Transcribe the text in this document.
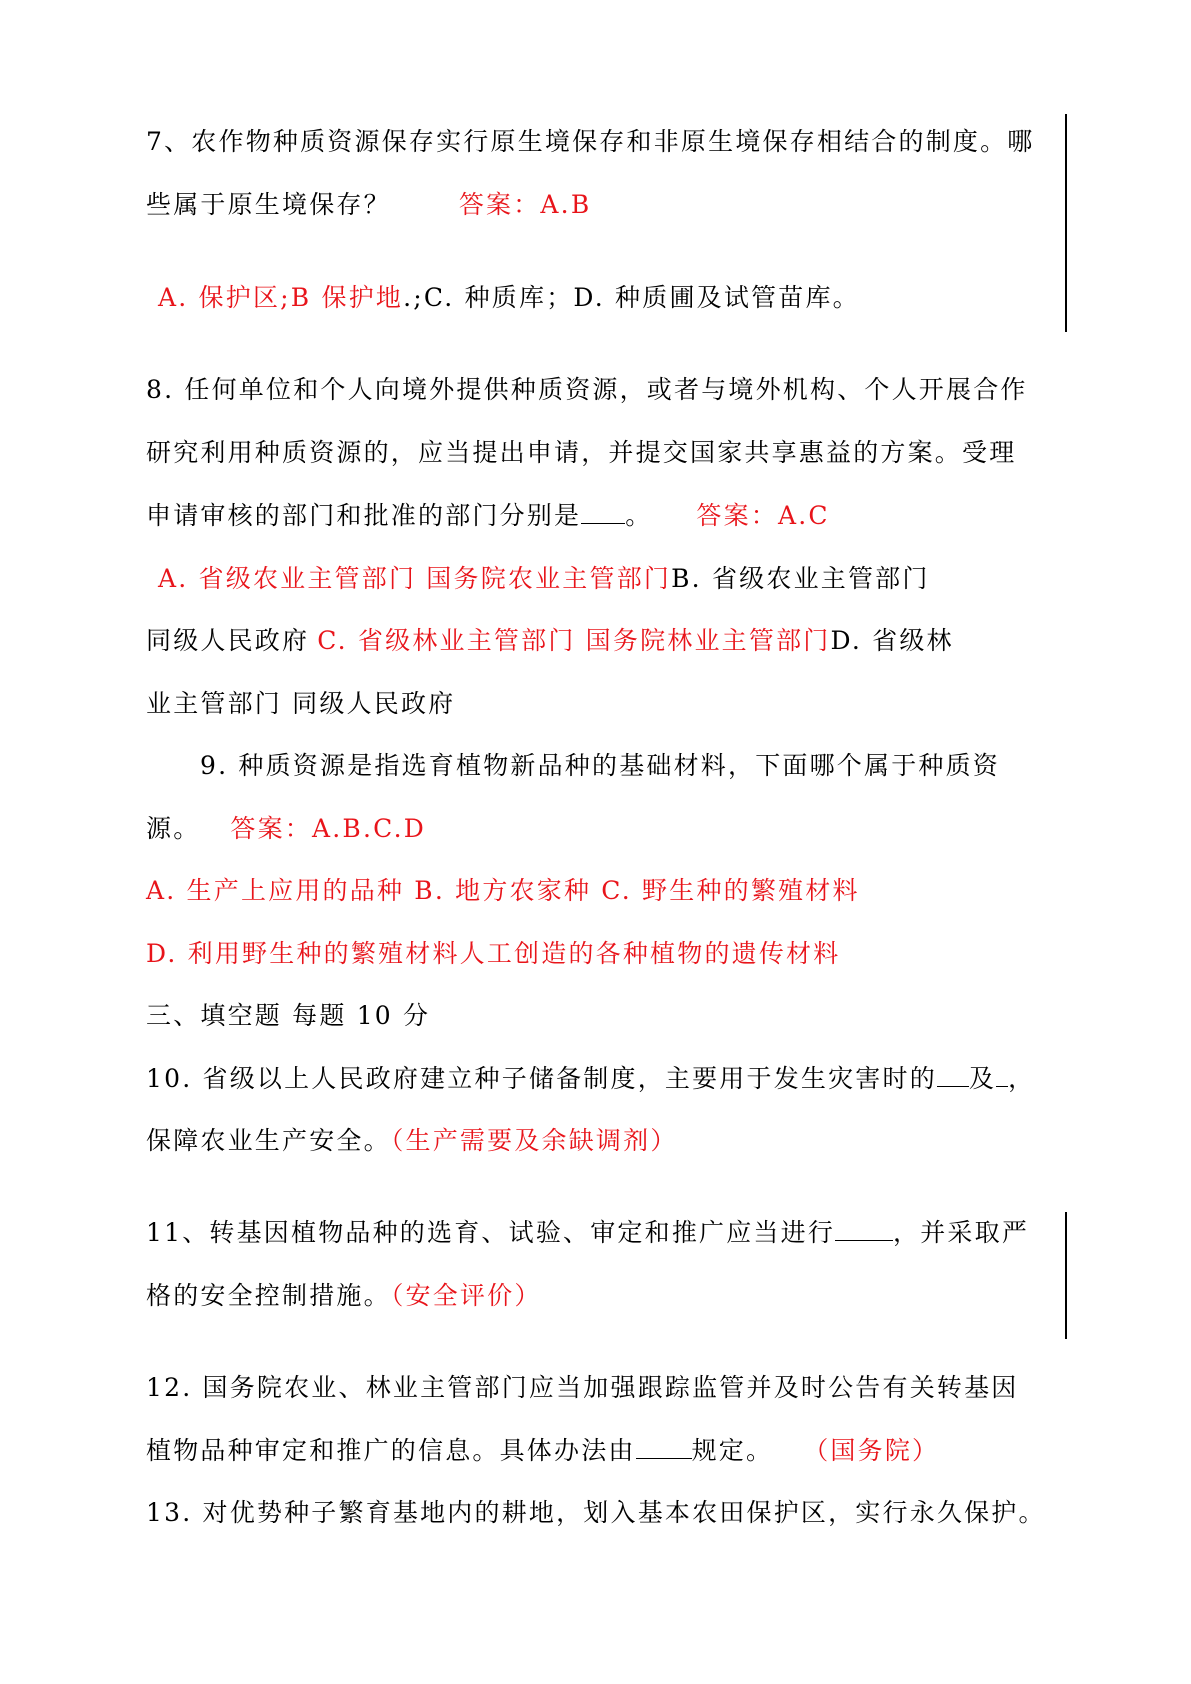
7、农作物种质资源保存实行原生境保存和非原生境保存相结合的制度。哪
些属于原生境保存？	答案：A.B
A. 保护区;B 保护地.;C. 种质库；D. 种质圃及试管苗库。
8. 任何单位和个人向境外提供种质资源，或者与境外机构、个人开展合作
研究利用种质资源的，应当提出申请，并提交国家共享惠益的方案。受理
申请审核的部门和批准的部门分别是 。 答案：A.C
A. 省级农业主管部门 国务院农业主管部门B. 省级农业主管部门
同级人民政府 C. 省级林业主管部门 国务院林业主管部门D. 省级林
业主管部门 同级人民政府
9. 种质资源是指选育植物新品种的基础材料，下面哪个属于种质资
源。 答案：A.B.C.D
A. 生产上应用的品种 B. 地方农家种 C. 野生种的繁殖材料
D. 利用野生种的繁殖材料人工创造的各种植物的遗传材料
三、填空题 每题 10 分
10. 省级以上人民政府建立种子储备制度，主要用于发生灾害时的 及 ，
保障农业生产安全。（生产需要及余缺调剂）
11、转基因植物品种的选育、试验、审定和推广应当进行 ，并采取严
格的安全控制措施。（安全评价）
12. 国务院农业、林业主管部门应当加强跟踪监管并及时公告有关转基因
植物品种审定和推广的信息。具体办法由 规定。 （国务院）
13. 对优势种子繁育基地内的耕地，划入基本农田保护区，实行永久保护。
